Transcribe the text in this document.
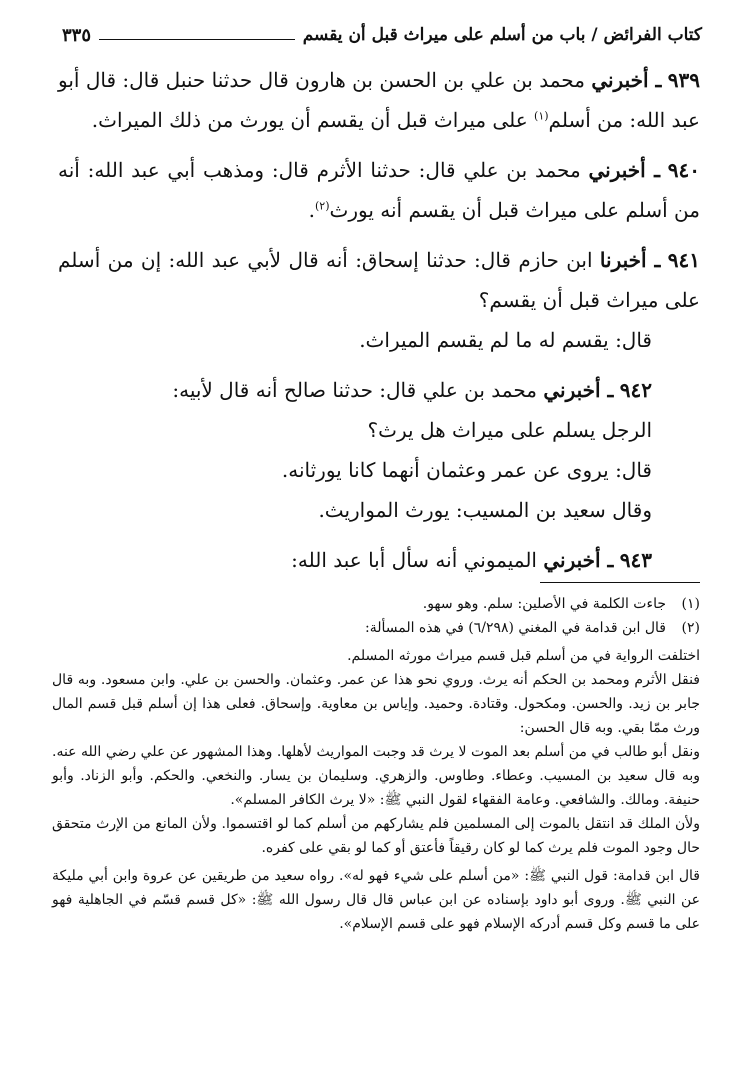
كتاب الفرائض / باب من أسلم على ميراث قبل أن يقسم
٣٣٥

٩٣٩ ـ أخبرني محمد بن علي بن الحسن بن هارون قال حدثنا حنبل قال: قال أبو عبد الله: من أسلم$^{(١)}$ على ميراث قبل أن يقسم أن يورث من ذلك الميراث.

٩٤٠ ـ أخبرني محمد بن علي قال: حدثنا الأثرم قال: ومذهب أبي عبد الله: أنه من أسلم على ميراث قبل أن يقسم أنه يورث$^{(٢)}$.

٩٤١ ـ أخبرنا ابن حازم قال: حدثنا إسحاق: أنه قال لأبي عبد الله: إن من أسلم على ميراث قبل أن يقسم؟

قال: يقسم له ما لم يقسم الميراث.

٩٤٢ ـ أخبرني محمد بن علي قال: حدثنا صالح أنه قال لأبيه:

الرجل يسلم على ميراث هل يرث؟

قال: يروى عن عمر وعثمان أنهما كانا يورثانه.

وقال سعيد بن المسيب: يورث المواريث.

٩٤٣ ـ أخبرني الميموني أنه سأل أبا عبد الله:

(١)جاءت الكلمة في الأصلين: سلم. وهو سهو.

(٢)قال ابن قدامة في المغني (٦/٢٩٨) في هذه المسألة:

اختلفت الرواية في من أسلم قبل قسم ميراث مورثه المسلم.

فنقل الأثرم ومحمد بن الحكم أنه يرث. وروي نحو هذا عن عمر. وعثمان. والحسن بن علي. وابن مسعود. وبه قال جابر بن زيد. والحسن. ومكحول. وقتادة. وحميد. وإياس بن معاوية. وإسحاق. فعلى هذا إن أسلم قبل قسم المال ورث ممّا بقي. وبه قال الحسن:

ونقل أبو طالب في من أسلم بعد الموت لا يرث قد وجبت المواريث لأهلها. وهذا المشهور عن علي رضي الله عنه. وبه قال سعيد بن المسيب. وعطاء. وطاوس. والزهري. وسليمان بن يسار. والنخعي. والحكم. وأبو الزناد. وأبو حنيفة. ومالك. والشافعي. وعامة الفقهاء لقول النبي ﷺ: «لا يرث الكافر المسلم».

ولأن الملك قد انتقل بالموت إلى المسلمين فلم يشاركهم من أسلم كما لو اقتسموا. ولأن المانع من الإرث متحقق حال وجود الموت فلم يرث كما لو كان رقيقاً فأعتق أو كما لو بقي على كفره.

قال ابن قدامة: قول النبي ﷺ: «من أسلم على شيء فهو له». رواه سعيد من طريقين عن عروة وابن أبي مليكة عن النبي ﷺ. وروى أبو داود بإسناده عن ابن عباس قال قال رسول الله ﷺ: «كل قسم قسّم في الجاهلية فهو على ما قسم وكل قسم أدركه الإسلام فهو على قسم الإسلام».
